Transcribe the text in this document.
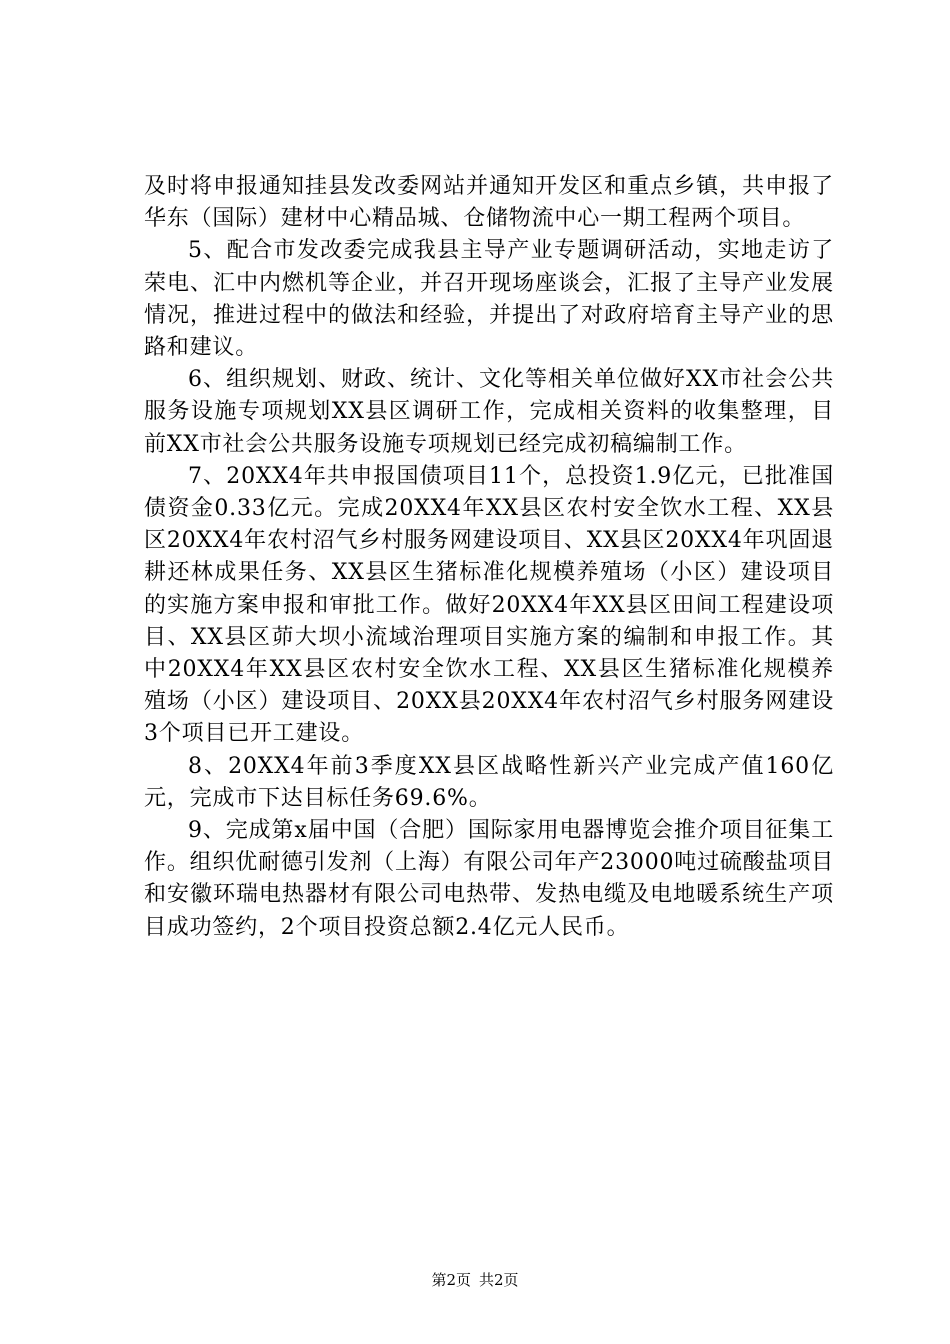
及时将申报通知挂县发改委网站并通知开发区和重点乡镇，共申报了华东（国际）建材中心精品城、仓储物流中心一期工程两个项目。

5、配合市发改委完成我县主导产业专题调研活动，实地走访了荣电、汇中内燃机等企业，并召开现场座谈会，汇报了主导产业发展情况，推进过程中的做法和经验，并提出了对政府培育主导产业的思路和建议。

6、组织规划、财政、统计、文化等相关单位做好XX市社会公共服务设施专项规划XX县区调研工作，完成相关资料的收集整理，目前XX市社会公共服务设施专项规划已经完成初稿编制工作。

7、20XX4年共申报国债项目11个，总投资1.9亿元，已批准国债资金0.33亿元。完成20XX4年XX县区农村安全饮水工程、XX县区20XX4年农村沼气乡村服务网建设项目、XX县区20XX4年巩固退耕还林成果任务、XX县区生猪标准化规模养殖场（小区）建设项目的实施方案申报和审批工作。做好20XX4年XX县区田间工程建设项目、XX县区茆大坝小流域治理项目实施方案的编制和申报工作。其中20XX4年XX县区农村安全饮水工程、XX县区生猪标准化规模养殖场（小区）建设项目、20XX县20XX4年农村沼气乡村服务网建设3个项目已开工建设。

8、20XX4年前3季度XX县区战略性新兴产业完成产值160亿元，完成市下达目标任务69.6%。

9、完成第x届中国（合肥）国际家用电器博览会推介项目征集工作。组织优耐德引发剂（上海）有限公司年产23000吨过硫酸盐项目和安徽环瑞电热器材有限公司电热带、发热电缆及电地暖系统生产项目成功签约，2个项目投资总额2.4亿元人民币。

第2页 共2页
